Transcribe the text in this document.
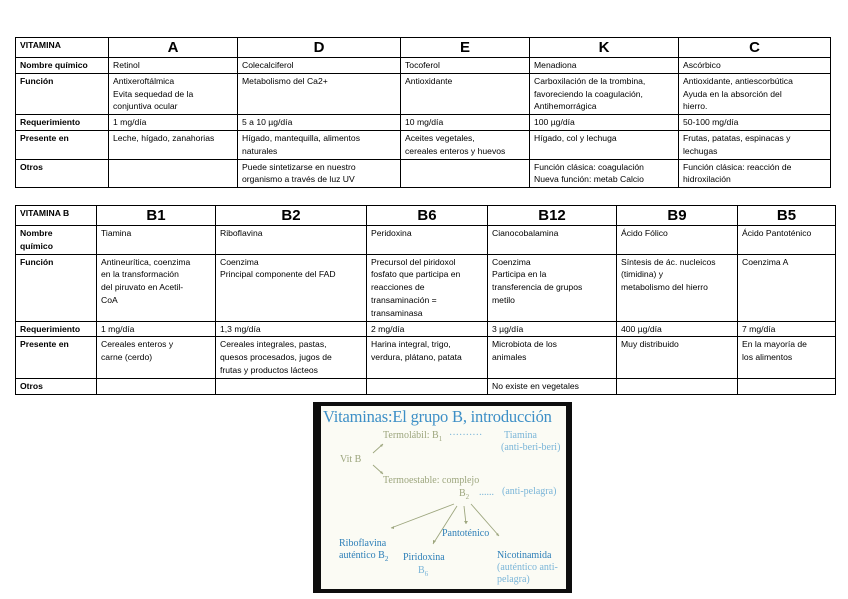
VITAMINA	A	D	E	K	C
Nombre químico	Retinol	Colecalciferol	Tocoferol	Menadiona	Ascórbico

Función	Antixeroftálmica
Evita sequedad de la
conjuntiva ocular	Metabolismo del Ca2+	Antioxidante	Carboxilación de la trombina,
favoreciendo la coagulación,
Antihemorrágica	Antioxidante, antiescorbútica
Ayuda en la absorción del
hierro.

Requerimiento	1 mg/día	5 a 10 µg/día	10 mg/día	100 µg/día	50-100 mg/día

Presente en	Leche, hígado, zanahorias	Hígado, mantequilla, alimentos
naturales	Aceites vegetales,
cereales enteros y huevos	Hígado, col y lechuga	Frutas, patatas, espinacas y
lechugas

Otros		Puede sintetizarse en nuestro
organismo a través de luz UV		Función clásica: coagulación
Nueva función: metab Calcio	Función clásica: reacción de
hidroxilación
VITAMINA B	B1	B2	B6	B12	B9	B5

Nombre
químico	Tiamina	Riboflavina	Peridoxina	Cianocobalamina	Ácido Fólico	Ácido Pantoténico

Función	Antineurítica, coenzima
en la transformación
del piruvato en Acetil-
CoA	Coenzima
Principal componente del FAD	Precursol del piridoxol
fosfato que participa en
reacciones de
transaminación =
transaminasa	Coenzima
Participa en la
transferencia de grupos
metilo	Síntesis de ác. nucleicos
(timidina) y
metabolismo del hierro	Coenzima A

Requerimiento	1 mg/día	1,3 mg/día	2 mg/día	3 µg/día	400 µg/día	7 mg/día

Presente en	Cereales enteros y
carne (cerdo)	Cereales integrales, pastas,
quesos procesados, jugos de
frutas y productos lácteos	Harina integral, trigo,
verdura, plátano, patata	Microbiota de los
animales	Muy distribuido	En la mayoría de
los alimentos

Otros				No existe en vegetales		

Vitaminas:El grupo B, introducción
Termolábil: $B_1$ ·········· Tiamina
(anti-beri-beri)
Vit B
Termoestable: complejo
$B_2$ ...... (anti-pelagra)
Pantoténico
Riboflavina
auténtico $B_2$ Piridoxina
$B_6$
Nicotinamida
(auténtico anti-
pelagra)
